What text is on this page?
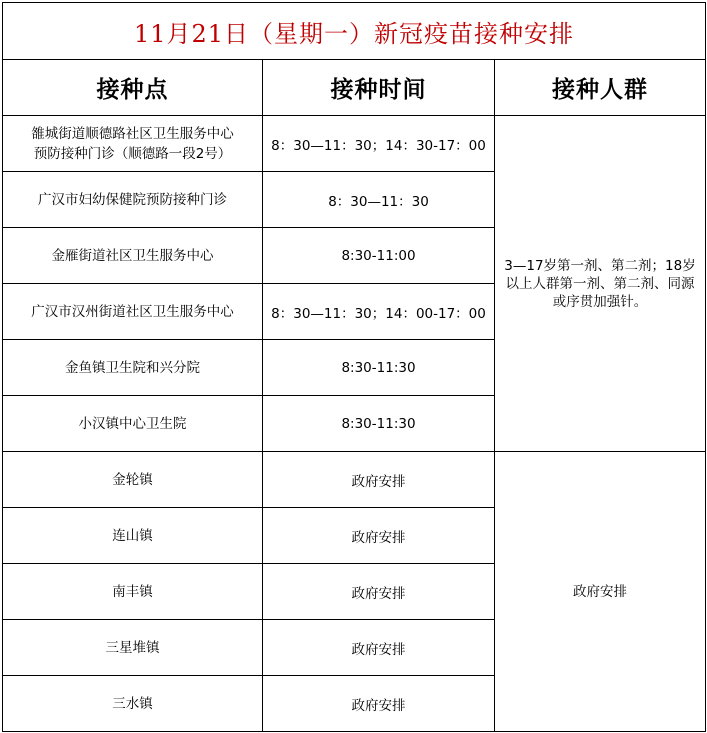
11月21日（星期一）新冠疫苗接种安排		
接种点	接种时间	接种人群
雒城街道顺德路社区卫生服务中心
预防接种门诊（顺德路一段2号）	8：30—11：30；14：30-17：00	3—17岁第一剂、第二剂；18岁以上人群第一剂、第二剂、同源或序贯加强针。
广汉市妇幼保健院预防接种门诊	8：30—11：30	
金雁街道社区卫生服务中心	8:30-11:00	
广汉市汉州街道社区卫生服务中心	8：30—11：30；14：00-17：00	
金鱼镇卫生院和兴分院	8:30-11:30	
小汉镇中心卫生院	8:30-11:30	
金轮镇	政府安排	政府安排
连山镇	政府安排	
南丰镇	政府安排	
三星堆镇	政府安排	
三水镇	政府安排	
